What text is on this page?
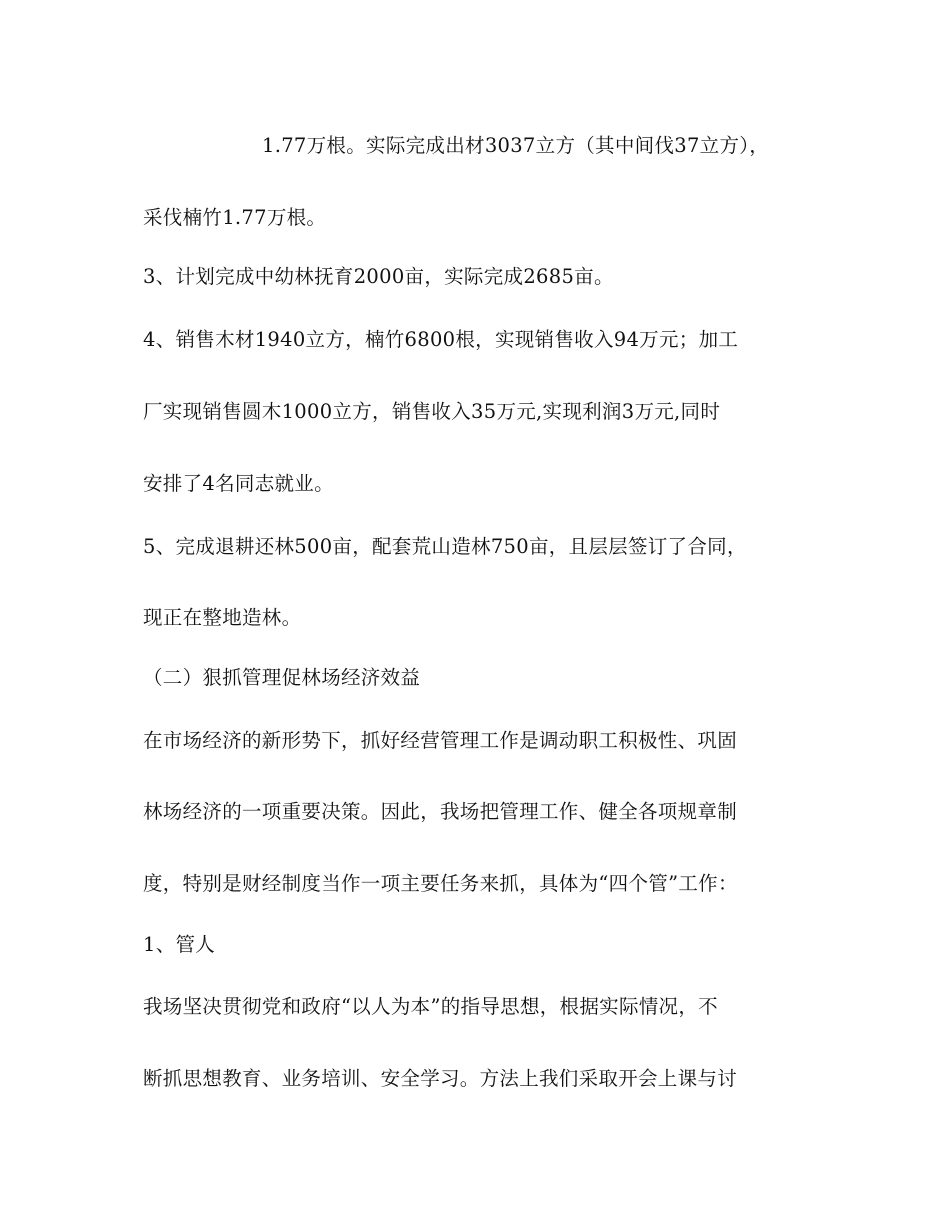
1.77万根。实际完成出材3037立方（其中间伐37立方），
采伐楠竹1.77万根。
3、计划完成中幼林抚育2000亩，实际完成2685亩。
4、销售木材1940立方，楠竹6800根，实现销售收入94万元；加工
厂实现销售圆木1000立方，销售收入35万元,实现利润3万元,同时
安排了4名同志就业。
5、完成退耕还林500亩，配套荒山造林750亩，且层层签订了合同，
现正在整地造林。
（二）狠抓管理促林场经济效益
在市场经济的新形势下，抓好经营管理工作是调动职工积极性、巩固
林场经济的一项重要决策。因此，我场把管理工作、健全各项规章制
度，特别是财经制度当作一项主要任务来抓，具体为“四个管”工作：
1、管人
我场坚决贯彻党和政府“以人为本”的指导思想，根据实际情况，不
断抓思想教育、业务培训、安全学习。方法上我们采取开会上课与讨
